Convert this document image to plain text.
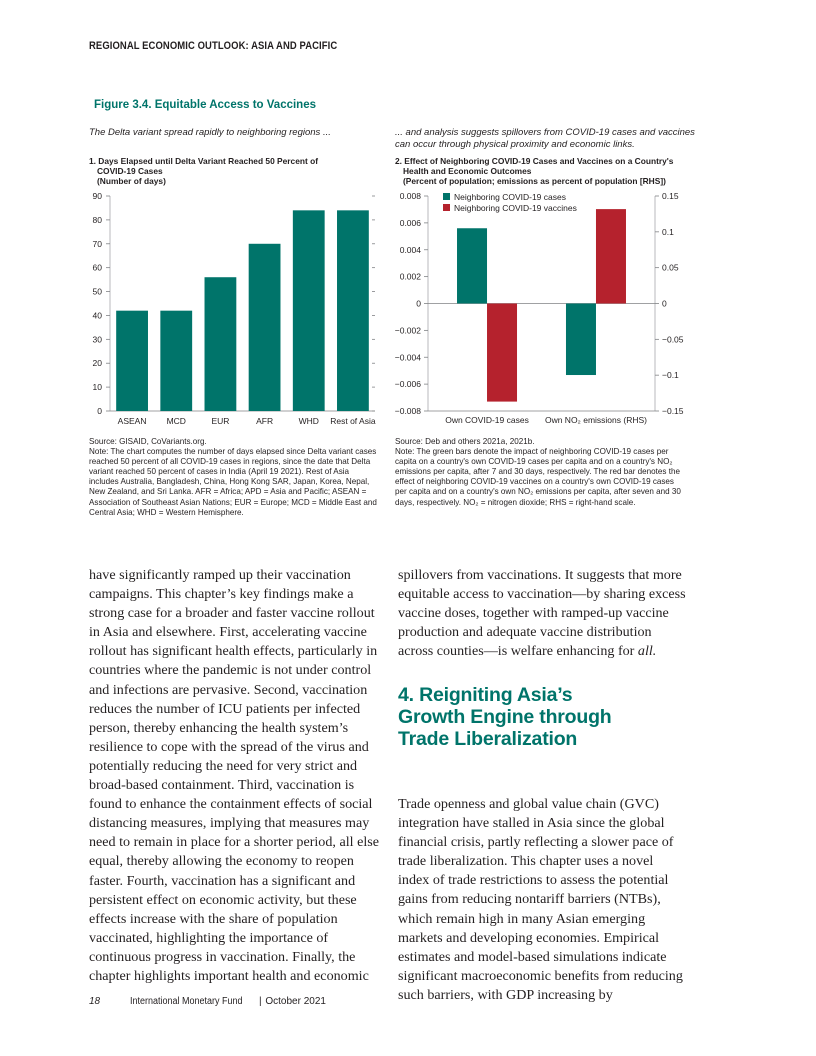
REGIONAL ECONOMIC OUTLOOK: ASIA AND PACIFIC
Figure 3.4. Equitable Access to Vaccines
The Delta variant spread rapidly to neighboring regions ...	... and analysis suggests spillovers from COVID-19 cases and vaccines
can occur through physical proximity and economic links.
1. Days Elapsed until Delta Variant Reached 50 Percent of
COVID-19 Cases
(Number of days)
2. Effect of Neighboring COVID-19 Cases and Vaccines on a Country's
Health and Economic Outcomes
(Percent of population; emissions as percent of population [RHS])
0
10
20
30
40
50
60
70
80
90
ASEAN MCD	EUR	AFR	WHD Rest of Asia
0.008
0.006
0.004
0.002
0
−0.002
−0.004
−0.006
−0.008
0.15
0.1
0.05
0
−0.05
−0.1
−0.15
Own COVID-19 cases Own NO₂ emissions (RHS)
Neighboring COVID-19 cases
Neighboring COVID-19 vaccines

Source: GISAID, CoVariants.org.

Note: The chart computes the number of days elapsed since Delta variant cases

reached 50 percent of all COVID-19 cases in regions, since the date that Delta

variant reached 50 percent of cases in India (April 19 2021). Rest of Asia

includes Australia, Bangladesh, China, Hong Kong SAR, Japan, Korea, Nepal,

New Zealand, and Sri Lanka. AFR = Africa; APD = Asia and Pacific; ASEAN =

Association of Southeast Asian Nations; EUR = Europe; MCD = Middle East and

Central Asia; WHD = Western Hemisphere.

Source: Deb and others 2021a, 2021b.

Note: The green bars denote the impact of neighboring COVID-19 cases per

capita on a country's own COVID-19 cases per capita and on a country's NO₂

emissions per capita, after 7 and 30 days, respectively. The red bar denotes the

effect of neighboring COVID-19 vaccines on a country's own COVID-19 cases

per capita and on a country's own NO₂ emissions per capita, after seven and 30

days, respectively. NO₂ = nitrogen dioxide; RHS = right-hand scale.

have significantly ramped up their vaccination campaigns. This chapter’s key findings make a strong case for a broader and faster vaccine rollout in Asia and elsewhere. First, accelerating vaccine rollout has significant health effects, particularly in countries where the pandemic is not under control and infections are pervasive. Second, vaccination reduces the number of ICU patients per infected person, thereby enhancing the health system’s resilience to cope with the spread of the virus and potentially reducing the need for very strict and broad-based containment. Third, vaccination is found to enhance the containment effects of social distancing measures, implying that measures may need to remain in place for a shorter period, all else equal, thereby allowing the economy to reopen faster. Fourth, vaccination has a significant and persistent effect on economic activity, but these effects increase with the share of population vaccinated, highlighting the importance of continuous progress in vaccination. Finally, the chapter highlights important health and economic

spillovers from vaccinations. It suggests that more equitable access to vaccination—by sharing excess vaccine doses, together with ramped-up vaccine production and adequate vaccine distribution across counties—is welfare enhancing for all.

4. Reigniting Asia’s
Growth Engine through
Trade Liberalization

Trade openness and global value chain (GVC) integration have stalled in Asia since the global financial crisis, partly reflecting a slower pace of trade liberalization. This chapter uses a novel index of trade restrictions to assess the potential gains from reducing nontariff barriers (NTBs), which remain high in many Asian emerging markets and developing economies. Empirical estimates and model-based simulations indicate significant macroeconomic benefits from reducing such barriers, with GDP increasing by

18	International Monetary Fund | October 2021
